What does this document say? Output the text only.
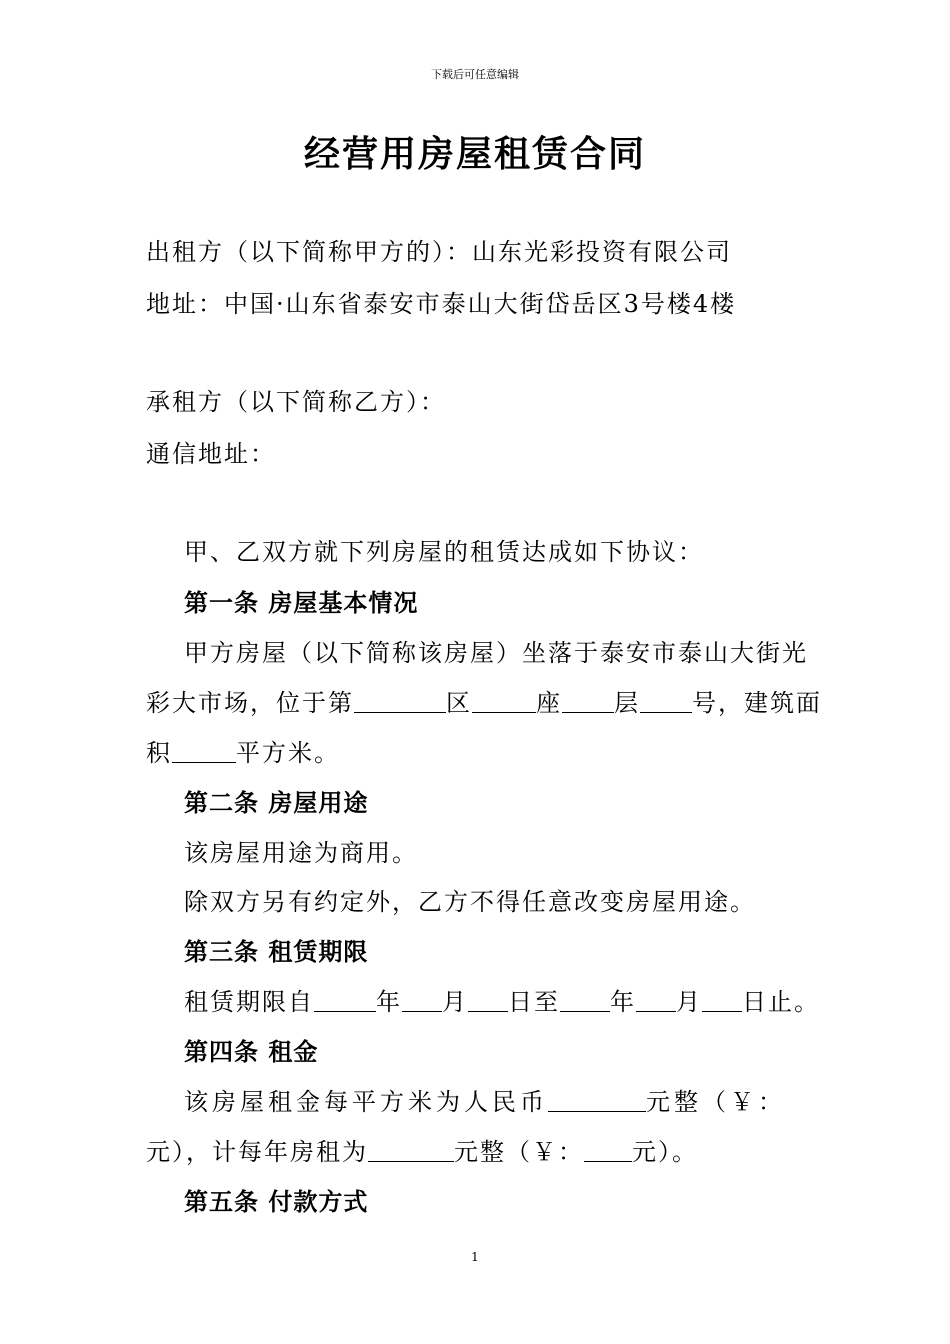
下载后可任意编辑
经营用房屋租赁合同
出租方（以下简称甲方的）：山东光彩投资有限公司
地址：中国·山东省泰安市泰山大街岱岳区3号楼4楼
承租方（以下简称乙方）：
通信地址：
甲、乙双方就下列房屋的租赁达成如下协议：
第一条 房屋基本情况
甲方房屋（以下简称该房屋）坐落于泰安市泰山大街光
彩大市场，位于第	区	座 层 号，建筑面
积	平方米。
第二条 房屋用途
该房屋用途为商用。
除双方另有约定外，乙方不得任意改变房屋用途。
第三条 租赁期限
租赁期限自	年 月 日至 年 月 日止。
第四条 租金
该房屋租金每平方米为人民币	元整（￥：
元），计每年房租为	元整（￥： 元）。
第五条 付款方式
1
